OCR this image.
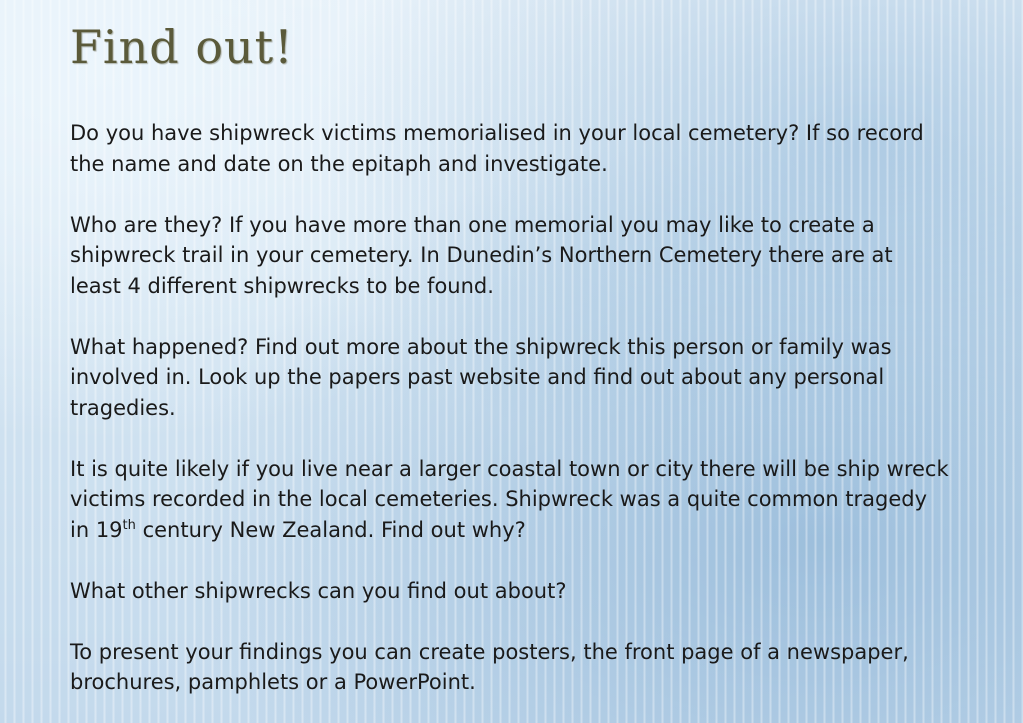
Find out!

Do you have shipwreck victims memorialised in your local cemetery? If so record the name and date on the epitaph and investigate.

Who are they? If you have more than one memorial you may like to create a shipwreck trail in your cemetery. In Dunedin’s Northern Cemetery there are at least 4 different shipwrecks to be found.

What happened? Find out more about the shipwreck this person or family was involved in. Look up the papers past website and find out about any personal tragedies.

It is quite likely if you live near a larger coastal town or city there will be ship wreck victims recorded in the local cemeteries. Shipwreck was a quite common tragedy in 19th century New Zealand. Find out why?

What other shipwrecks can you find out about?

To present your findings you can create posters, the front page of a newspaper, brochures, pamphlets or a PowerPoint.
